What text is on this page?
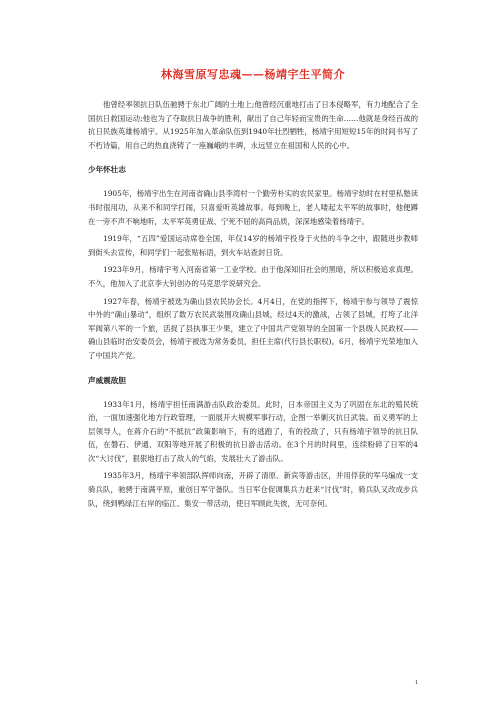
林海雪原写忠魂——杨靖宇生平简介

他曾经率领抗日队伍驰骋于东北广阔的土地上;他曾经沉重地打击了日本侵略军，有力地配合了全国抗日救国运动;他也为了夺取抗日战争的胜利，献出了自己年轻而宝贵的生命……他就是身经百战的抗日民族英雄杨靖宇。从1925年加入革命队伍到1940年壮烈牺牲，杨靖宇用短短15年的时间书写了不朽诗篇，用自己的热血浇铸了一座巍峨的丰碑，永远竖立在祖国和人民的心中。

少年怀壮志

1905年，杨靖宇出生在河南省确山县李湾村一个勤劳朴实的农民家里。杨靖宇幼时在村里私塾读书时很用功，从来不和同学打闹，只喜爱听英雄故事。每到晚上，老人喽起太平军的故事时，他便蹲在一旁不声不响地听，太平军英勇征战、宁死不屈的高尚品质，深深地感染着杨靖宇。

1919年，“五四”爱国运动席卷全国，年仅14岁的杨靖宇投身于火热的斗争之中，跟随进步教师到街头去宣传，和同学们一起张贴标语，到火车站查封日货。

1923年9月，杨靖宇考入河南省第一工业学校。由于他深知旧社会的黑暗，所以积极追求真理。不久，他加入了北京李大钊创办的马克思学说研究会。

1927年春，杨靖宇被选为确山县农民协会长。4月4日，在党的指挥下，杨靖宇参与领导了震惊中外的“确山暴动”，组织了数万农民武装围攻确山县城，经过4天的激战，占领了县城，打垮了北洋军阀第八军的一个旅，活捉了县执事王少果，建立了中国共产党领导的全国第一个县级人民政权——确山县临时治安委员会，杨靖宇被选为常务委员，担任主席(代行县长职权)。6月，杨靖宇光荣地加入了中国共产党。

声威震敌胆

1933年1月，杨靖宇担任南满游击队政治委员。此时，日本帝国主义为了巩固在东北的殖民统治，一面加速强化地方行政管理，一面展开大规模军事行动，企图一举剿灭抗日武装。而义勇军的上层领导人，在蒋介石的“不抵抗”政策影响下，有的逃跑了，有的投敌了，只有杨靖宇领导的抗日队伍，在磐石、伊通、双阳等地开展了积极的抗日游击活动。在3个月的时间里，连续粉碎了日军的4次“大讨伐”，狠狠地打击了敌人的气焰，发展壮大了游击队。

1935年3月，杨靖宇率领部队挥师向南，开辟了清原、新宾等游击区，并用俘获的军马编成一支骑兵队，驰骋于南满平原，重创日军守备队。当日军仓促调集兵力赶来“讨伐”时，骑兵队又改成步兵队，绕到鸭绿江右岸的临江、集安一带活动，使日军顾此失彼，无可奈何。

1
